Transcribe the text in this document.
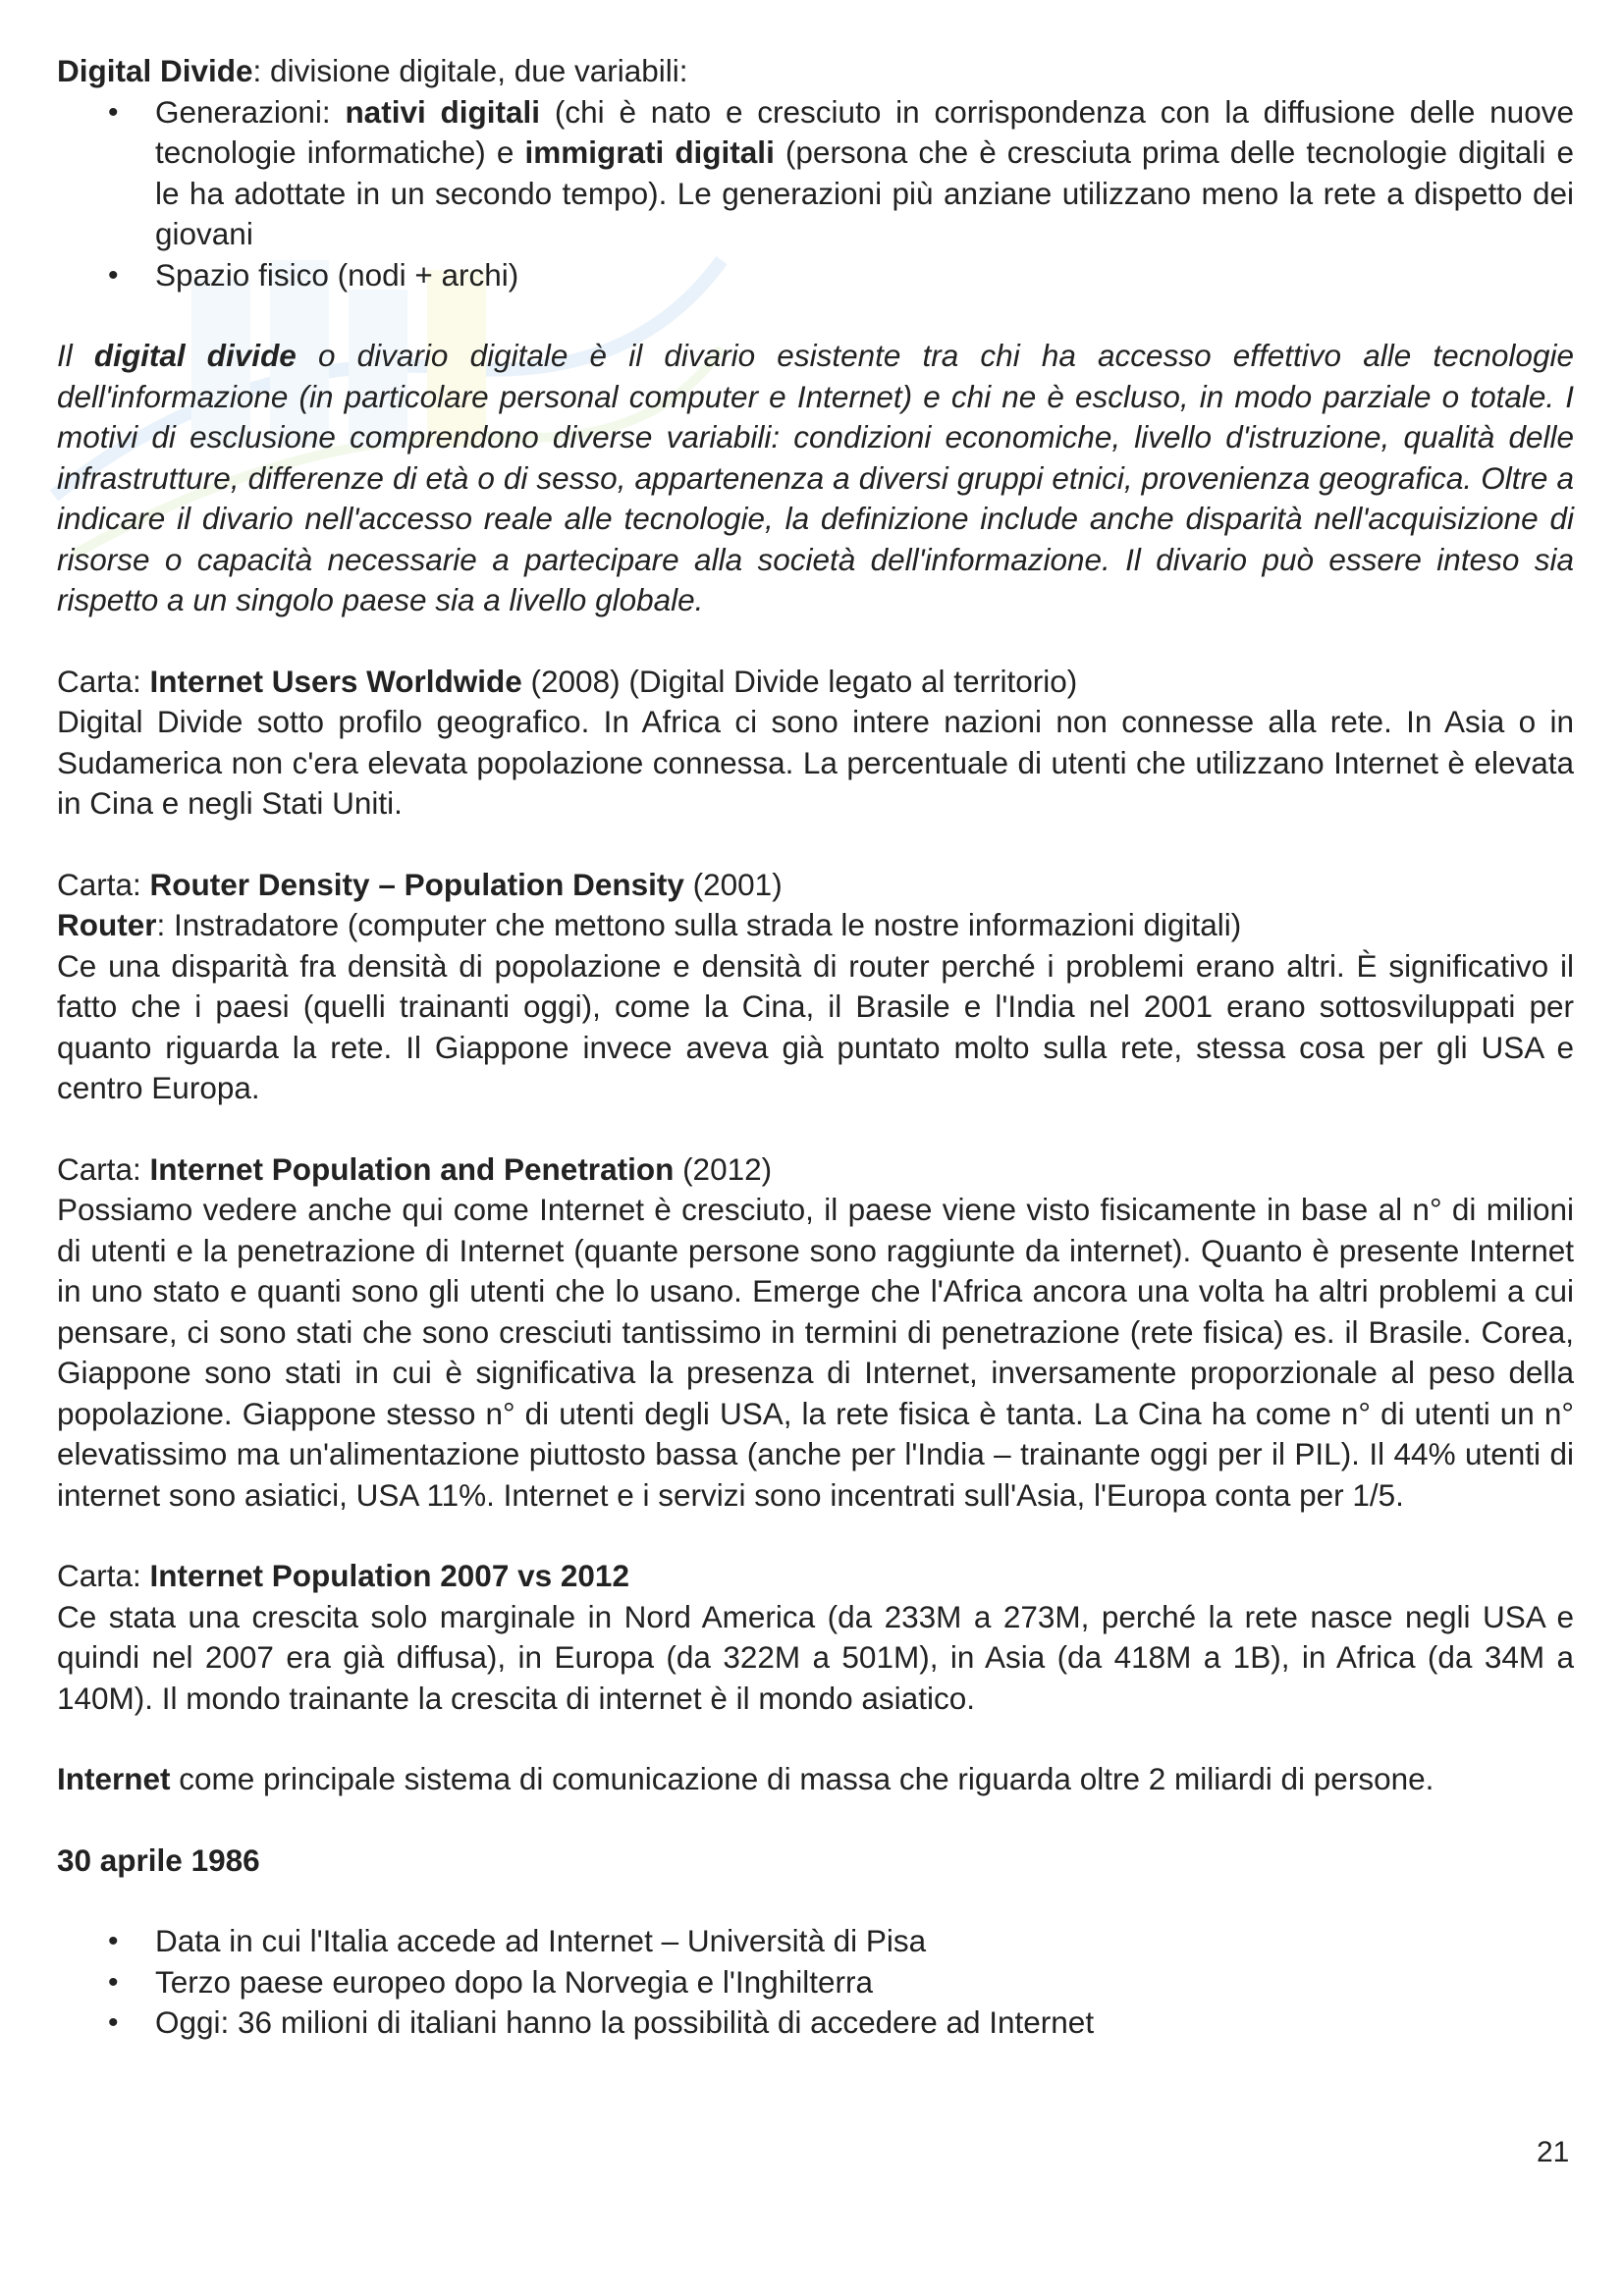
Digital Divide: divisione digitale, due variabili:

• Generazioni: nativi digitali (chi è nato e cresciuto in corrispondenza con la diffusione delle nuove tecnologie informatiche) e immigrati digitali (persona che è cresciuta prima delle tecnologie digitali e le ha adottate in un secondo tempo). Le generazioni più anziane utilizzano meno la rete a dispetto dei giovani
• Spazio fisico (nodi + archi)

Il digital divide o divario digitale è il divario esistente tra chi ha accesso effettivo alle tecnologie dell'informazione (in particolare personal computer e Internet) e chi ne è escluso, in modo parziale o totale. I motivi di esclusione comprendono diverse variabili: condizioni economiche, livello d'istruzione, qualità delle infrastrutture, differenze di età o di sesso, appartenenza a diversi gruppi etnici, provenienza geografica. Oltre a indicare il divario nell'accesso reale alle tecnologie, la definizione include anche disparità nell'acquisizione di risorse o capacità necessarie a partecipare alla società dell'informazione. Il divario può essere inteso sia rispetto a un singolo paese sia a livello globale.

Carta: Internet Users Worldwide (2008) (Digital Divide legato al territorio)

Digital Divide sotto profilo geografico. In Africa ci sono intere nazioni non connesse alla rete. In Asia o in Sudamerica non c'era elevata popolazione connessa. La percentuale di utenti che utilizzano Internet è elevata in Cina e negli Stati Uniti.

Carta: Router Density – Population Density (2001)

Router: Instradatore (computer che mettono sulla strada le nostre informazioni digitali)

Ce una disparità fra densità di popolazione e densità di router perché i problemi erano altri. È significativo il fatto che i paesi (quelli trainanti oggi), come la Cina, il Brasile e l'India nel 2001 erano sottosviluppati per quanto riguarda la rete. Il Giappone invece aveva già puntato molto sulla rete, stessa cosa per gli USA e centro Europa.

Carta: Internet Population and Penetration (2012)

Possiamo vedere anche qui come Internet è cresciuto, il paese viene visto fisicamente in base al n° di milioni di utenti e la penetrazione di Internet (quante persone sono raggiunte da internet). Quanto è presente Internet in uno stato e quanti sono gli utenti che lo usano. Emerge che l'Africa ancora una volta ha altri problemi a cui pensare, ci sono stati che sono cresciuti tantissimo in termini di penetrazione (rete fisica) es. il Brasile. Corea, Giappone sono stati in cui è significativa la presenza di Internet, inversamente proporzionale al peso della popolazione. Giappone stesso n° di utenti degli USA, la rete fisica è tanta. La Cina ha come n° di utenti un n° elevatissimo ma un'alimentazione piuttosto bassa (anche per l'India – trainante oggi per il PIL). Il 44% utenti di internet sono asiatici, USA 11%. Internet e i servizi sono incentrati sull'Asia, l'Europa conta per 1/5.

Carta: Internet Population 2007 vs 2012

Ce stata una crescita solo marginale in Nord America (da 233M a 273M, perché la rete nasce negli USA e quindi nel 2007 era già diffusa), in Europa (da 322M a 501M), in Asia (da 418M a 1B), in Africa (da 34M a 140M). Il mondo trainante la crescita di internet è il mondo asiatico.

Internet come principale sistema di comunicazione di massa che riguarda oltre 2 miliardi di persone.

30 aprile 1986

• Data in cui l'Italia accede ad Internet – Università di Pisa
• Terzo paese europeo dopo la Norvegia e l'Inghilterra
• Oggi: 36 milioni di italiani hanno la possibilità di accedere ad Internet
21
